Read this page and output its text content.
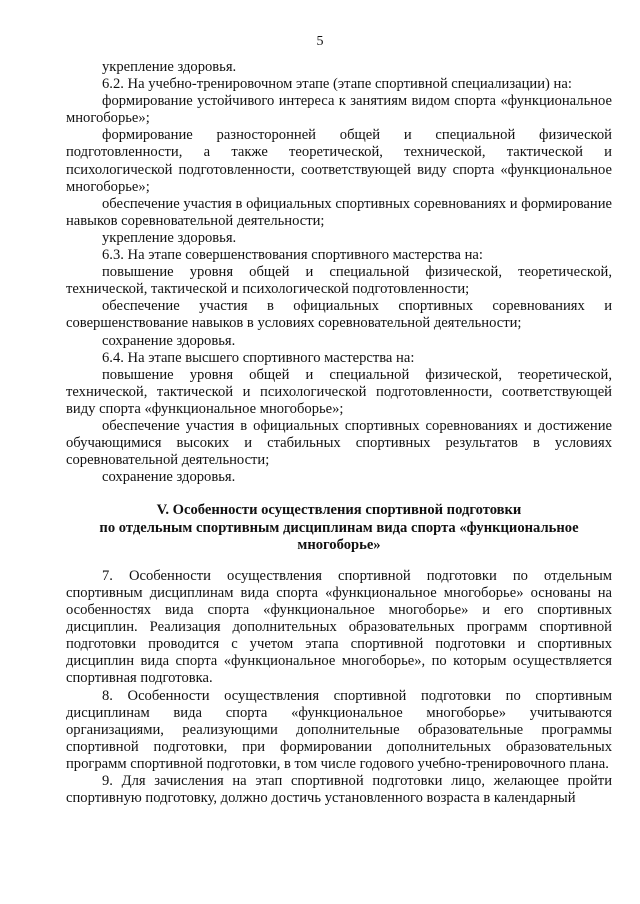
5

укрепление здоровья.

6.2. На учебно-тренировочном этапе (этапе спортивной специализации) на:

формирование устойчивого интереса к занятиям видом спорта «функциональное многоборье»;

формирование разносторонней общей и специальной физической подготовленности, а также теоретической, технической, тактической и психологической подготовленности, соответствующей виду спорта «функциональное многоборье»;

обеспечение участия в официальных спортивных соревнованиях и формирование навыков соревновательной деятельности;

укрепление здоровья.

6.3. На этапе совершенствования спортивного мастерства на:

повышение уровня общей и специальной физической, теоретической, технической, тактической и психологической подготовленности;

обеспечение участия в официальных спортивных соревнованиях и совершенствование навыков в условиях соревновательной деятельности;

сохранение здоровья.

6.4. На этапе высшего спортивного мастерства на:

повышение уровня общей и специальной физической, теоретической, технической, тактической и психологической подготовленности, соответствующей виду спорта «функциональное многоборье»;

обеспечение участия в официальных спортивных соревнованиях и достижение обучающимися высоких и стабильных спортивных результатов в условиях соревновательной деятельности;

сохранение здоровья.

V. Особенности осуществления спортивной подготовки
по отдельным спортивным дисциплинам вида спорта «функциональное
многоборье»

7. Особенности осуществления спортивной подготовки по отдельным спортивным дисциплинам вида спорта «функциональное многоборье» основаны на особенностях вида спорта «функциональное многоборье» и его спортивных дисциплин. Реализация дополнительных образовательных программ спортивной подготовки проводится с учетом этапа спортивной подготовки и спортивных дисциплин вида спорта «функциональное многоборье», по которым осуществляется спортивная подготовка.

8. Особенности осуществления спортивной подготовки по спортивным дисциплинам вида спорта «функциональное многоборье» учитываются организациями, реализующими дополнительные образовательные программы спортивной подготовки, при формировании дополнительных образовательных программ спортивной подготовки, в том числе годового учебно-тренировочного плана.

9. Для зачисления на этап спортивной подготовки лицо, желающее пройти спортивную подготовку, должно достичь установленного возраста в календарный
